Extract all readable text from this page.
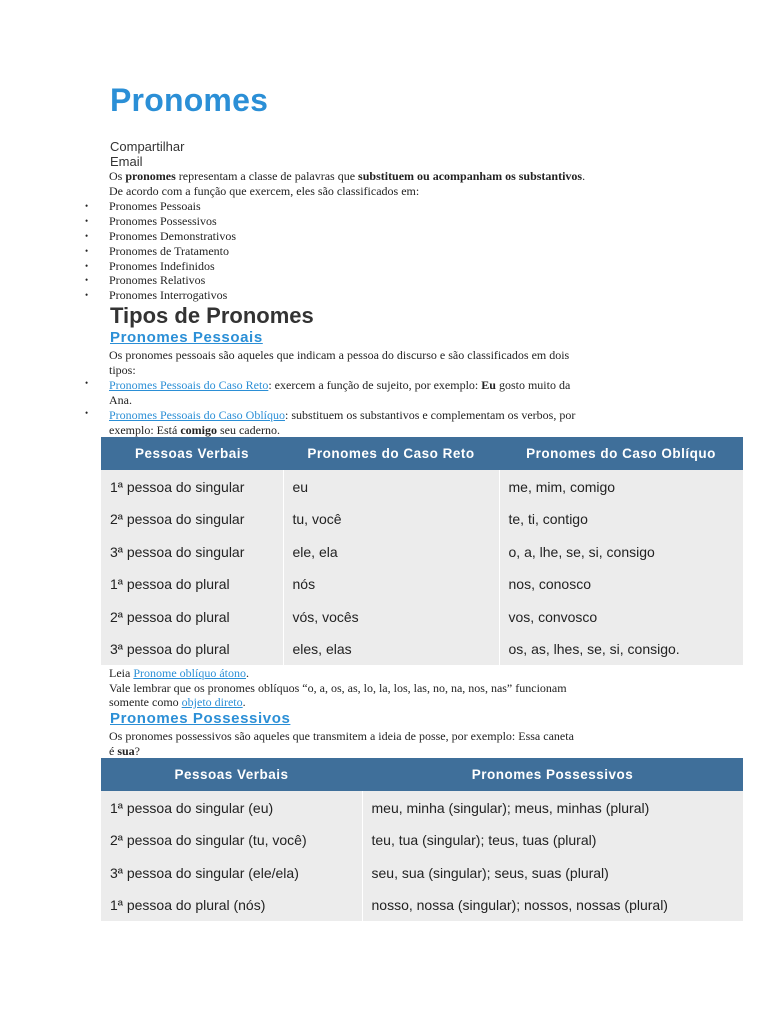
Pronomes
Compartilhar
Email
Os pronomes representam a classe de palavras que substituem ou acompanham os substantivos.
De acordo com a função que exercem, eles são classificados em:
• Pronomes Pessoais
• Pronomes Possessivos
• Pronomes Demonstrativos
• Pronomes de Tratamento
• Pronomes Indefinidos
• Pronomes Relativos
• Pronomes Interrogativos
Tipos de Pronomes
Pronomes Pessoais
Os pronomes pessoais são aqueles que indicam a pessoa do discurso e são classificados em dois
tipos:
• Pronomes Pessoais do Caso Reto: exercem a função de sujeito, por exemplo: Eu gosto muito da
Ana.
• Pronomes Pessoais do Caso Oblíquo: substituem os substantivos e complementam os verbos, por
exemplo: Está comigo seu caderno.
Pessoas Verbais	Pronomes do Caso Reto	Pronomes do Caso Oblíquo
1ª pessoa do singular	eu	me, mim, comigo
2ª pessoa do singular	tu, você	te, ti, contigo
3ª pessoa do singular	ele, ela	o, a, lhe, se, si, consigo
1ª pessoa do plural	nós	nos, conosco
2ª pessoa do plural	vós, vocês	vos, convosco
3ª pessoa do plural	eles, elas	os, as, lhes, se, si, consigo.
Leia Pronome oblíquo átono.
Vale lembrar que os pronomes oblíquos “o, a, os, as, lo, la, los, las, no, na, nos, nas” funcionam
somente como objeto direto.
Pronomes Possessivos
Os pronomes possessivos são aqueles que transmitem a ideia de posse, por exemplo: Essa caneta
é sua?
Pessoas Verbais	Pronomes Possessivos
1ª pessoa do singular (eu)	meu, minha (singular); meus, minhas (plural)
2ª pessoa do singular (tu, você)	teu, tua (singular); teus, tuas (plural)
3ª pessoa do singular (ele/ela)	seu, sua (singular); seus, suas (plural)
1ª pessoa do plural (nós)	nosso, nossa (singular); nossos, nossas (plural)
